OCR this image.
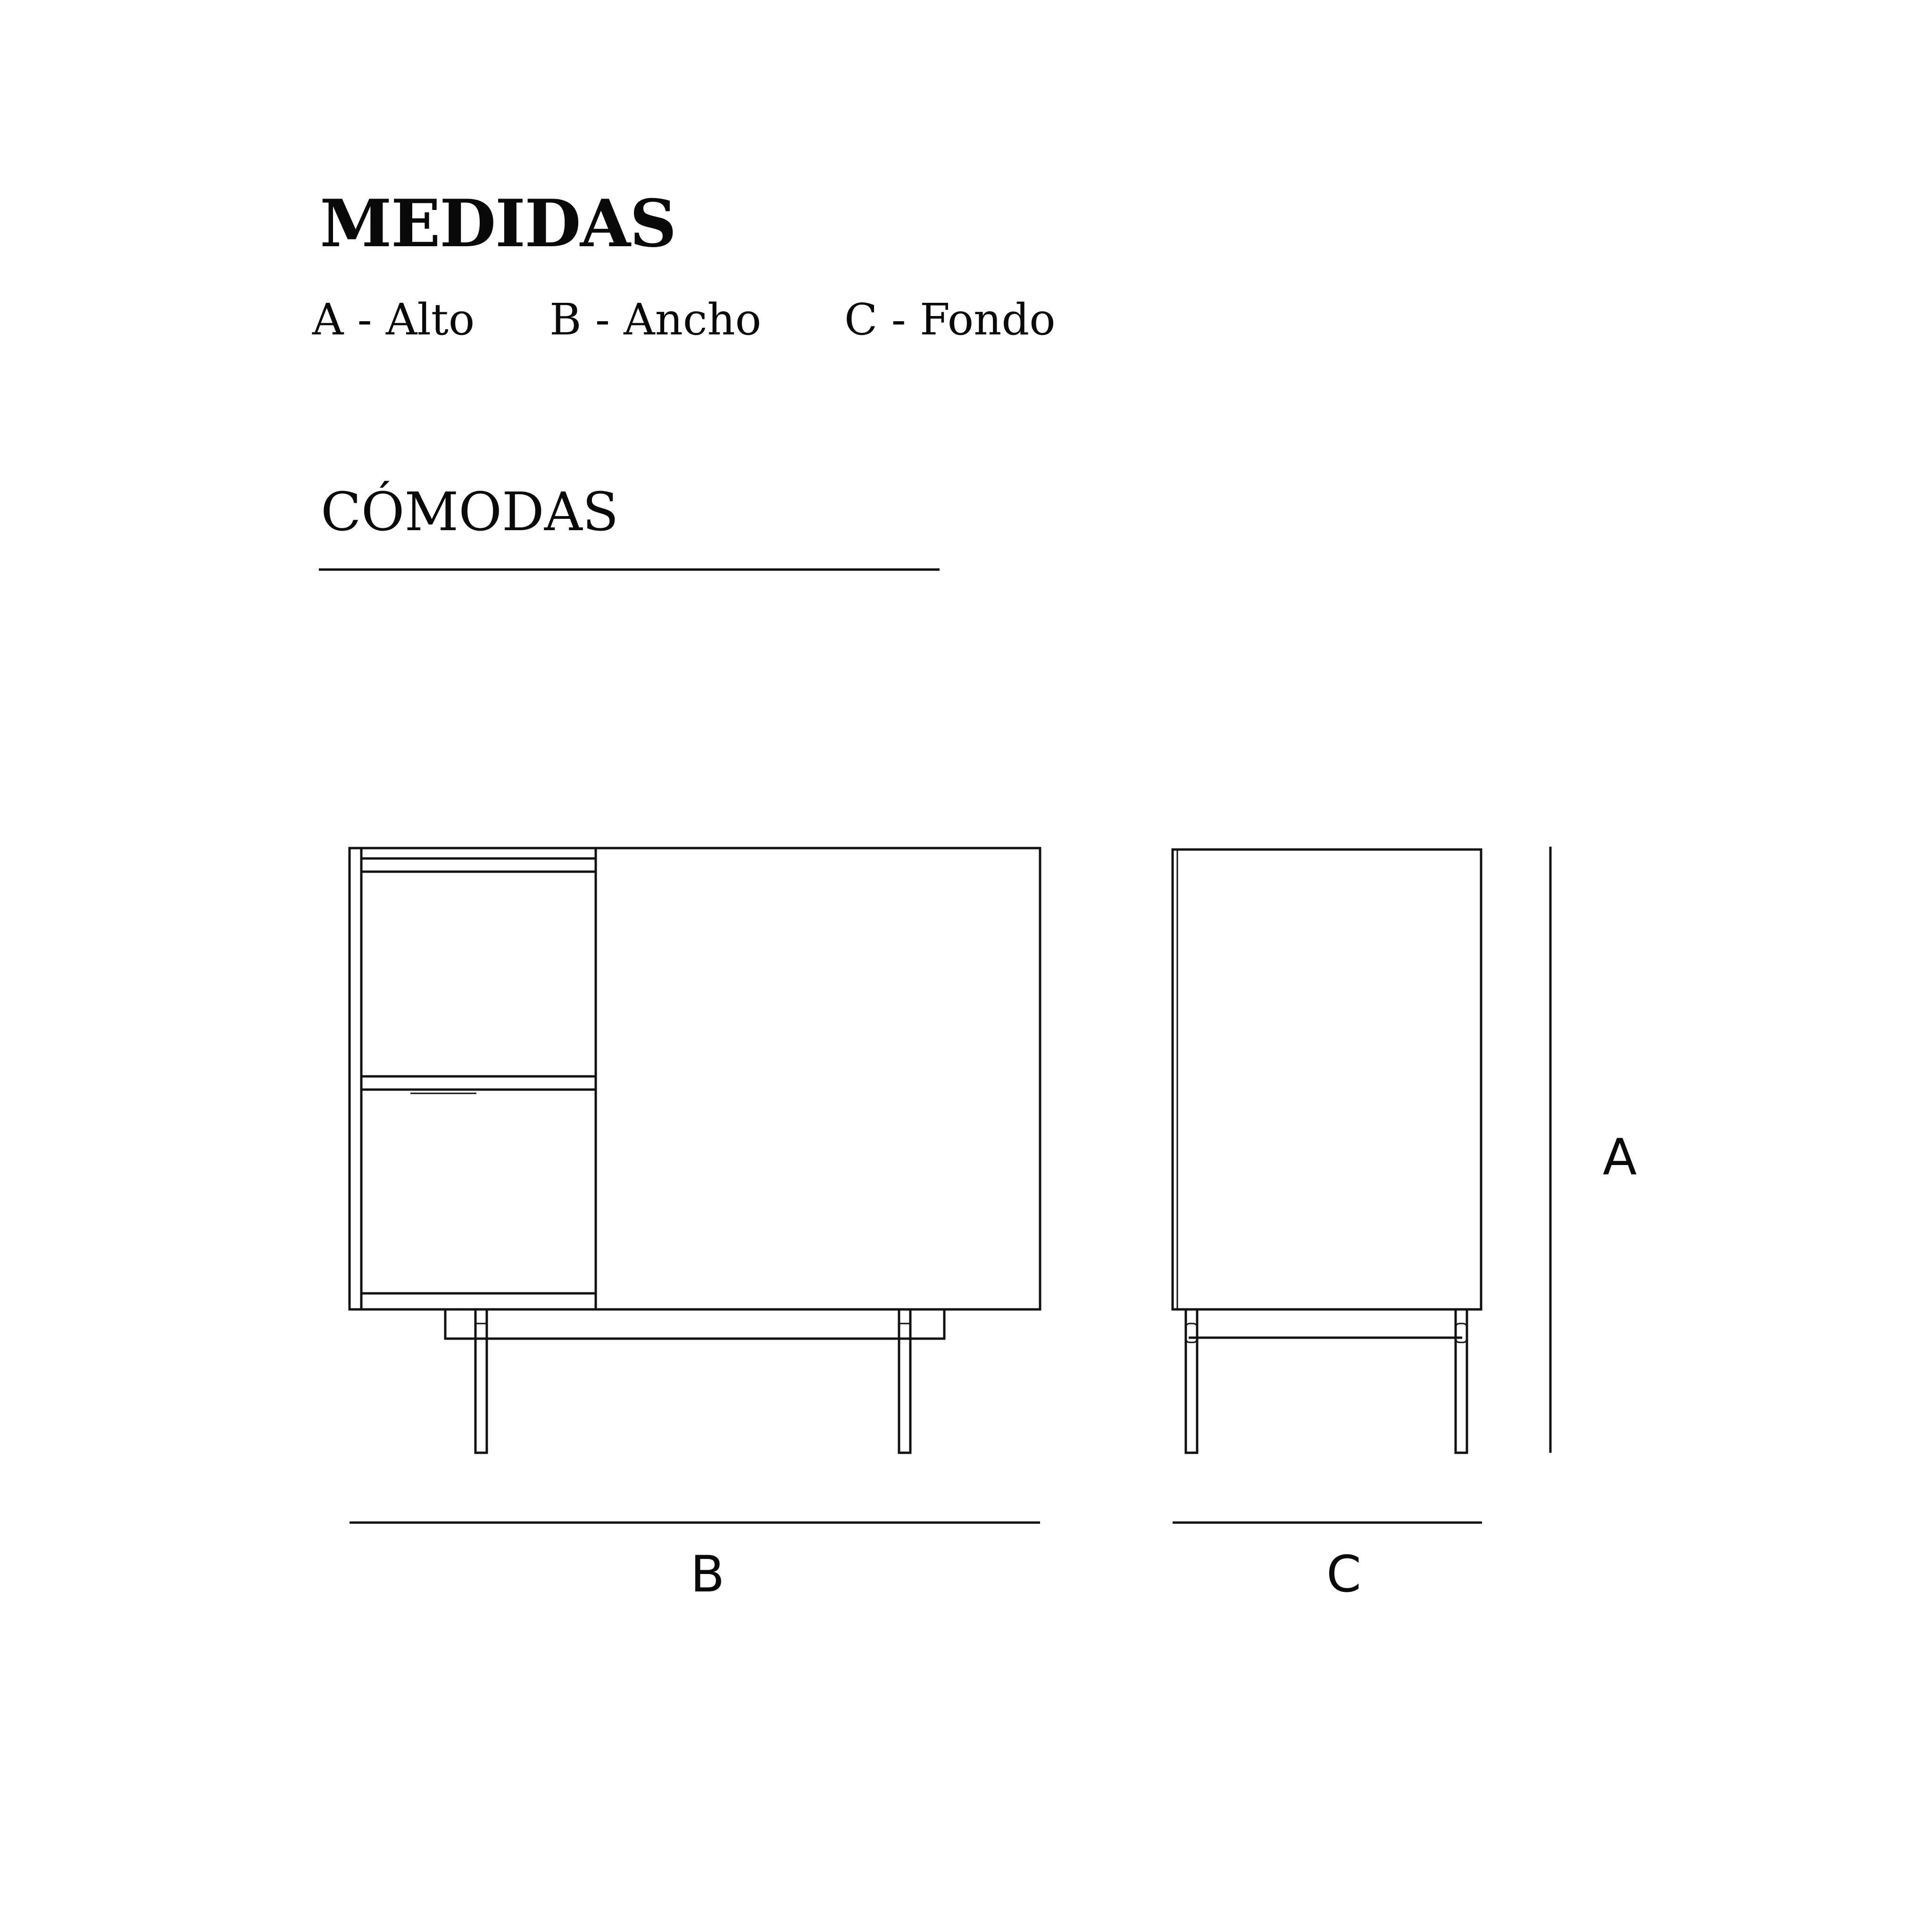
MEDIDAS
A - Alto B - Ancho C - Fondo
CÓMODAS
A
B	C
